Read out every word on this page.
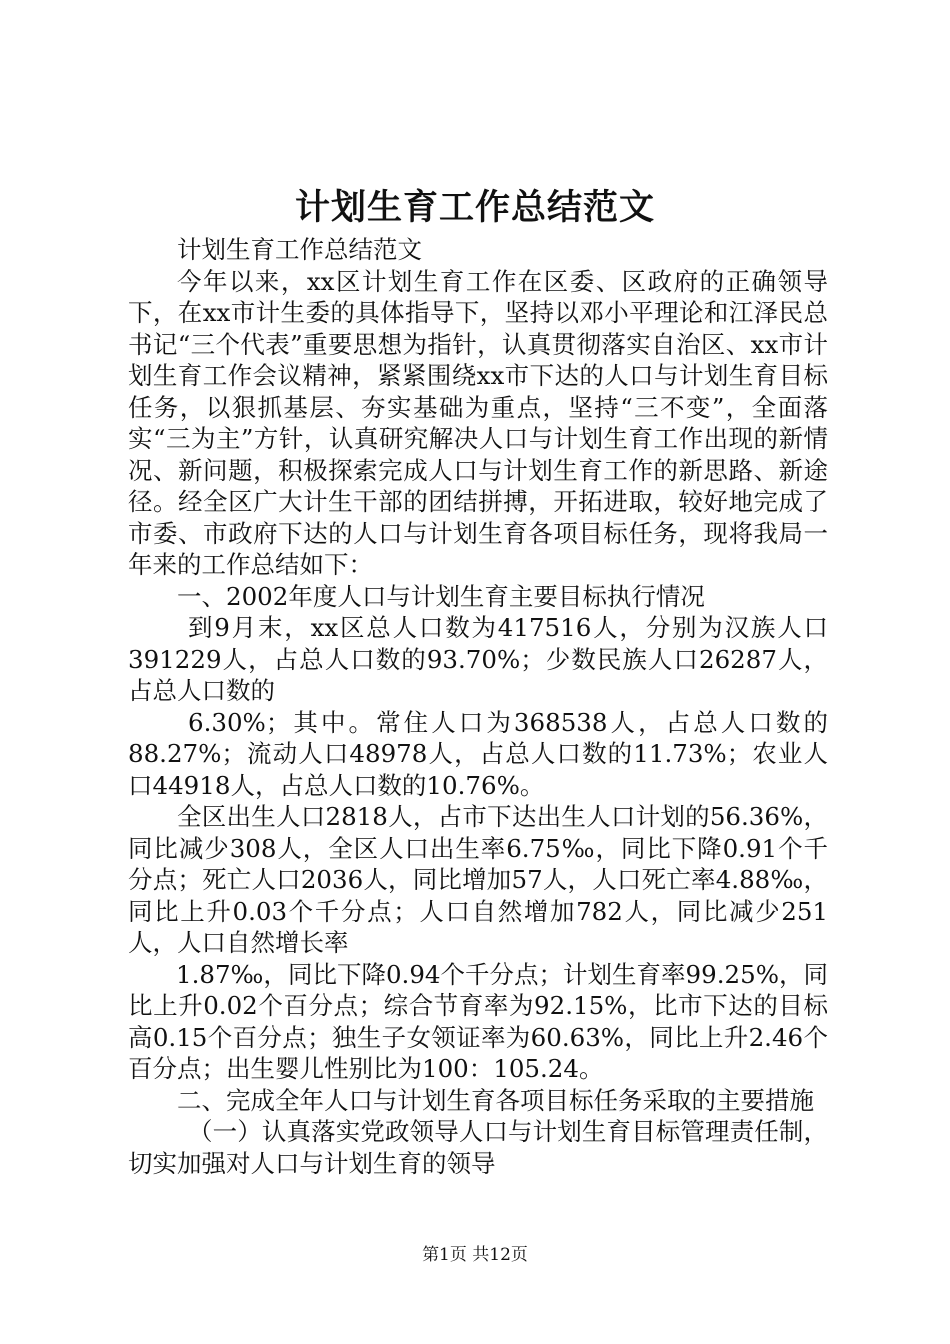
计划生育工作总结范文

计划生育工作总结范文

今年以来，xx区计划生育工作在区委、区政府的正确领导下，在xx市计生委的具体指导下，坚持以邓小平理论和江泽民总书记“三个代表”重要思想为指针，认真贯彻落实自治区、xx市计划生育工作会议精神，紧紧围绕xx市下达的人口与计划生育目标任务，以狠抓基层、夯实基础为重点，坚持“三不变”，全面落实“三为主”方针，认真研究解决人口与计划生育工作出现的新情况、新问题，积极探索完成人口与计划生育工作的新思路、新途径。经全区广大计生干部的团结拼搏，开拓进取，较好地完成了市委、市政府下达的人口与计划生育各项目标任务，现将我局一年来的工作总结如下：

一、2002年度人口与计划生育主要目标执行情况

到9月末，xx区总人口数为417516人，分别为汉族人口391229人，占总人口数的93.70%；少数民族人口26287人，占总人口数的

6.30%；其中。常住人口为368538人，占总人口数的88.27%；流动人口48978人，占总人口数的11.73%；农业人口44918人，占总人口数的10.76%。

全区出生人口2818人，占市下达出生人口计划的56.36%，同比减少308人，全区人口出生率6.75‰，同比下降0.91个千分点；死亡人口2036人，同比增加57人，人口死亡率4.88‰，同比上升0.03个千分点；人口自然增加782人，同比减少251人，人口自然增长率

1.87‰，同比下降0.94个千分点；计划生育率99.25%，同比上升0.02个百分点；综合节育率为92.15%，比市下达的目标高0.15个百分点；独生子女领证率为60.63%，同比上升2.46个百分点；出生婴儿性别比为100：105.24。

二、完成全年人口与计划生育各项目标任务采取的主要措施

（一）认真落实党政领导人口与计划生育目标管理责任制，切实加强对人口与计划生育的领导

第1页 共12页
